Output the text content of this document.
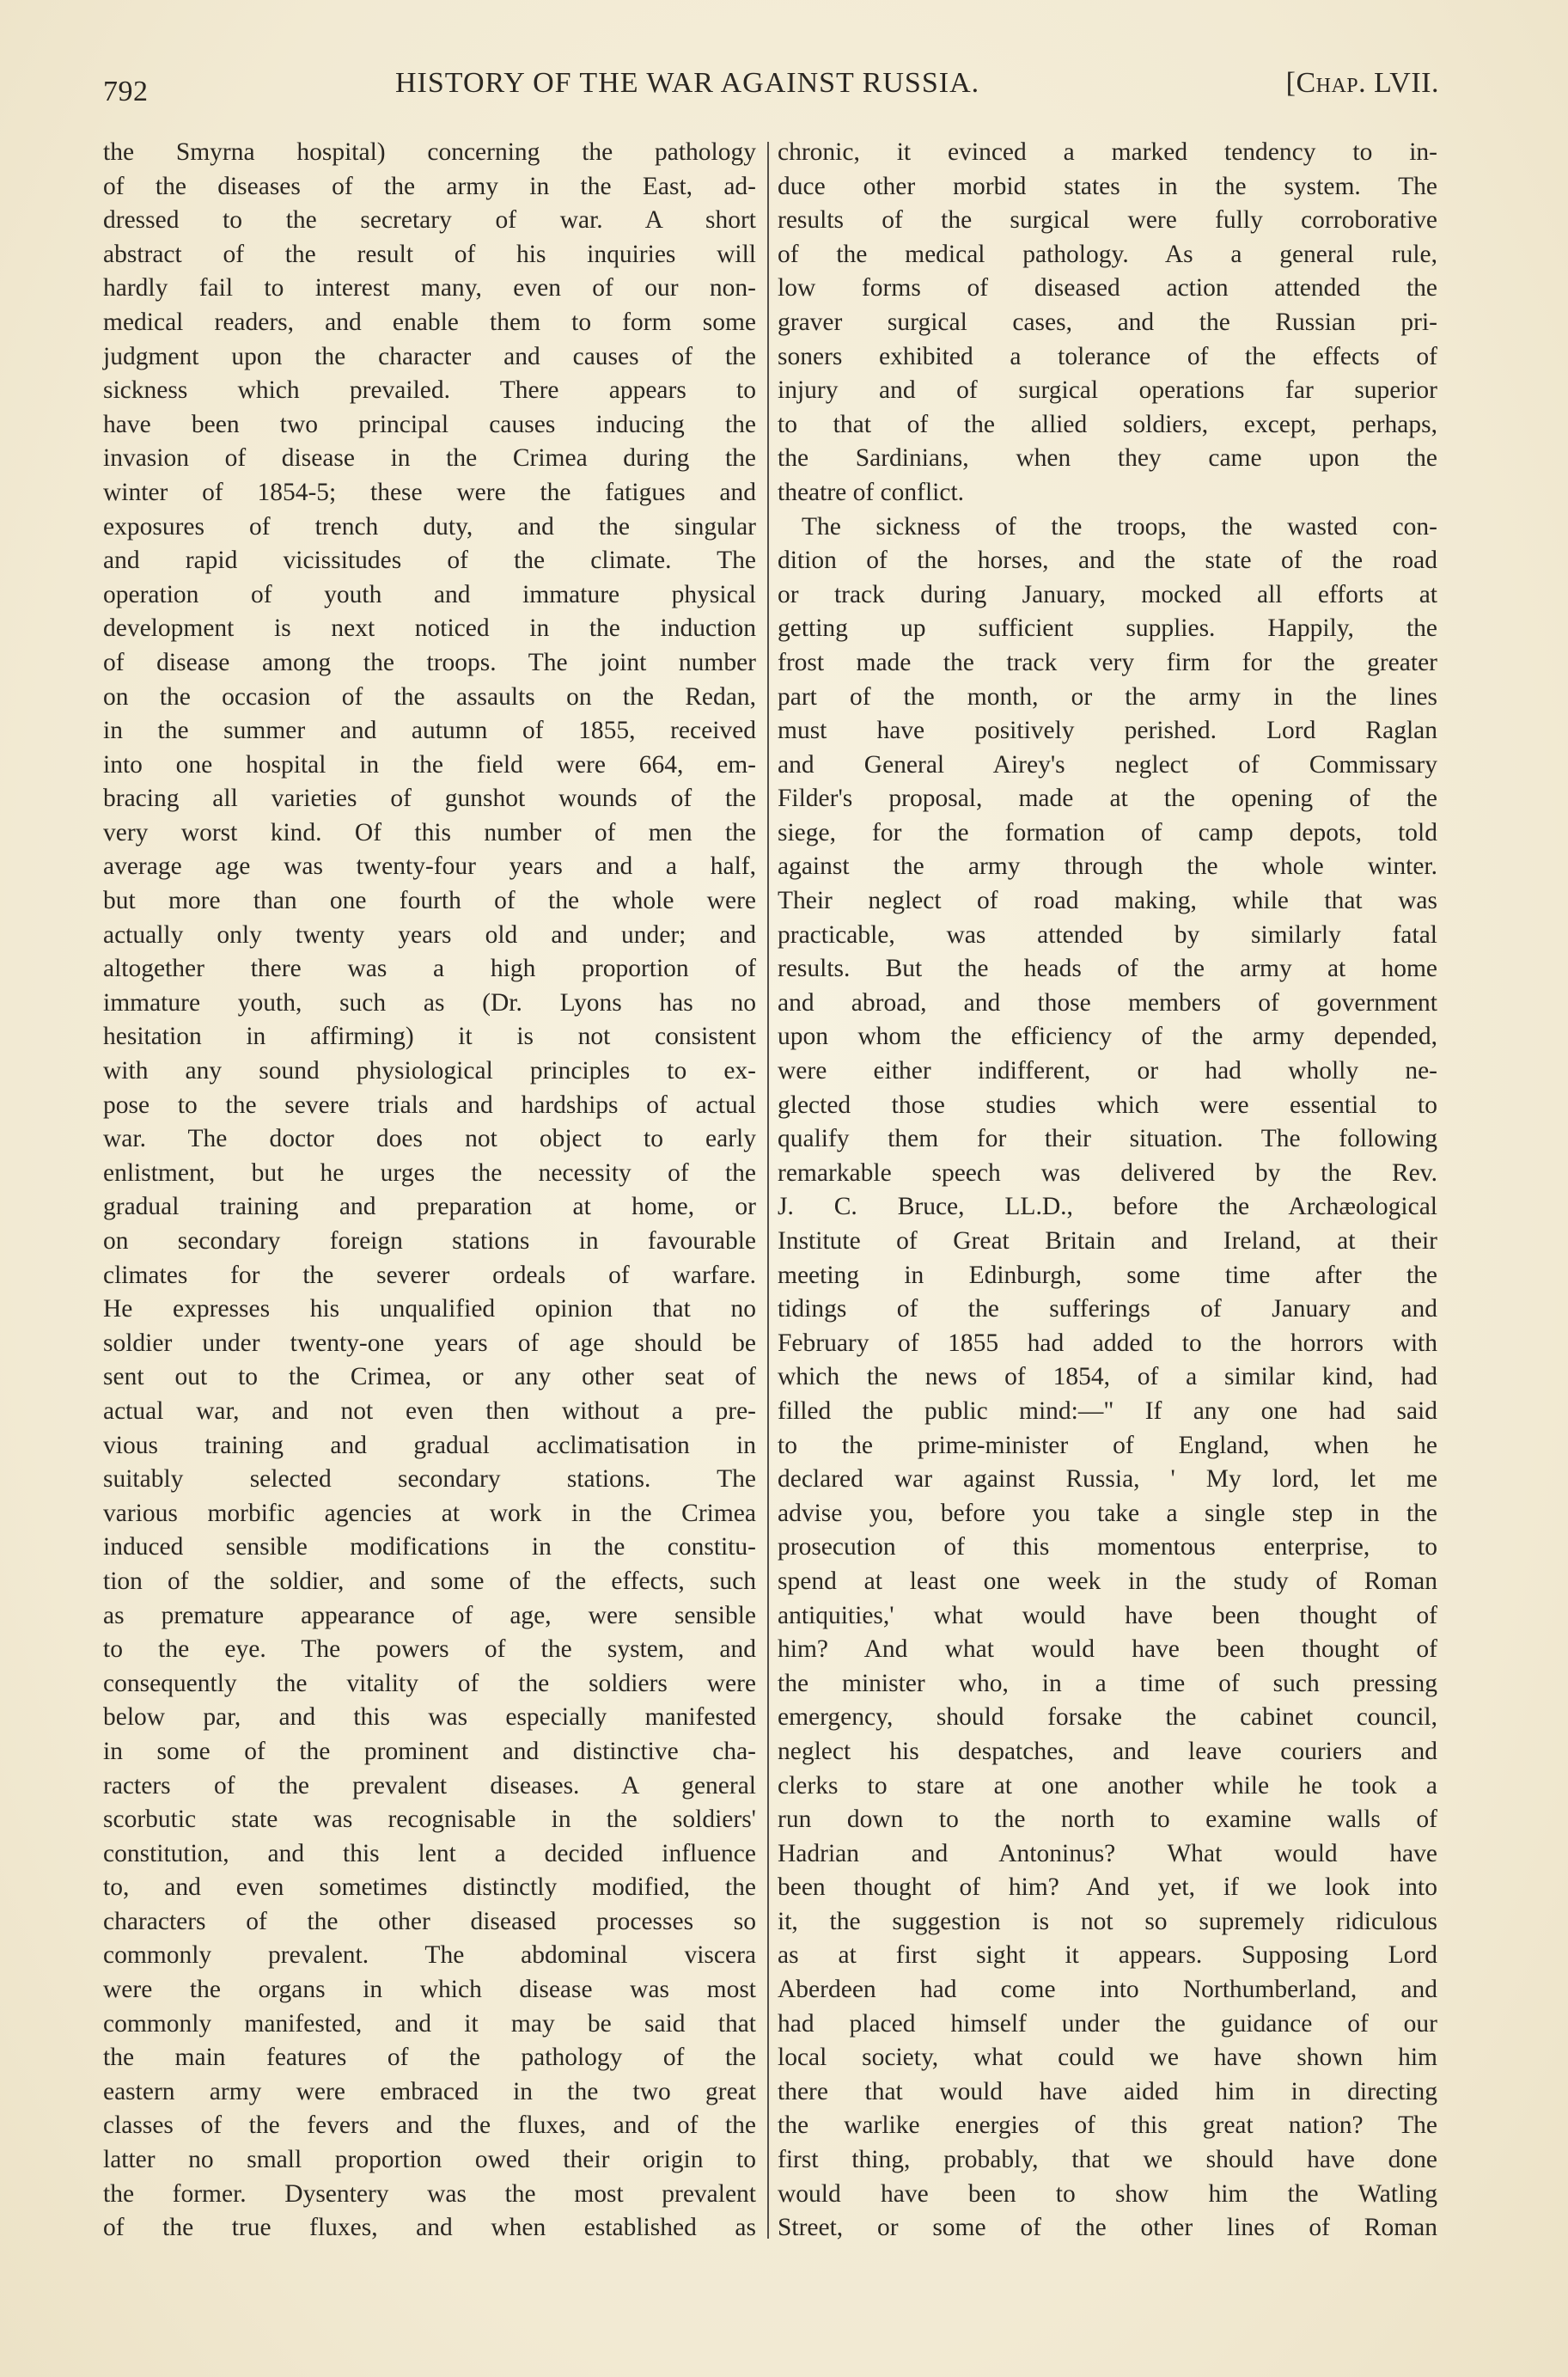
792	HISTORY OF THE WAR AGAINST RUSSIA.	[Chap. LVII.
the Smyrna hospital) concerning the pathology
of the diseases of the army in the East, ad-
dressed to the secretary of war. A short
abstract of the result of his inquiries will
hardly fail to interest many, even of our non-
medical readers, and enable them to form some
judgment upon the character and causes of the
sickness which prevailed. There appears to
have been two principal causes inducing the
invasion of disease in the Crimea during the
winter of 1854-5; these were the fatigues and
exposures of trench duty, and the singular
and rapid vicissitudes of the climate. The
operation of youth and immature physical
development is next noticed in the induction
of disease among the troops. The joint number
on the occasion of the assaults on the Redan,
in the summer and autumn of 1855, received
into one hospital in the field were 664, em-
bracing all varieties of gunshot wounds of the
very worst kind. Of this number of men the
average age was twenty-four years and a half,
but more than one fourth of the whole were
actually only twenty years old and under; and
altogether there was a high proportion of
immature youth, such as (Dr. Lyons has no
hesitation in affirming) it is not consistent
with any sound physiological principles to ex-
pose to the severe trials and hardships of actual
war. The doctor does not object to early
enlistment, but he urges the necessity of the
gradual training and preparation at home, or
on secondary foreign stations in favourable
climates for the severer ordeals of warfare.
He expresses his unqualified opinion that no
soldier under twenty-one years of age should be
sent out to the Crimea, or any other seat of
actual war, and not even then without a pre-
vious training and gradual acclimatisation in
suitably selected secondary stations. The
various morbific agencies at work in the Crimea
induced sensible modifications in the constitu-
tion of the soldier, and some of the effects, such
as premature appearance of age, were sensible
to the eye. The powers of the system, and
consequently the vitality of the soldiers were
below par, and this was especially manifested
in some of the prominent and distinctive cha-
racters of the prevalent diseases. A general
scorbutic state was recognisable in the soldiers'
constitution, and this lent a decided influence
to, and even sometimes distinctly modified, the
characters of the other diseased processes so
commonly prevalent. The abdominal viscera
were the organs in which disease was most
commonly manifested, and it may be said that
the main features of the pathology of the
eastern army were embraced in the two great
classes of the fevers and the fluxes, and of the
latter no small proportion owed their origin to
the former. Dysentery was the most prevalent
of the true fluxes, and when established as
chronic, it evinced a marked tendency to in-
duce other morbid states in the system. The
results of the surgical were fully corroborative
of the medical pathology. As a general rule,
low forms of diseased action attended the
graver surgical cases, and the Russian pri-
soners exhibited a tolerance of the effects of
injury and of surgical operations far superior
to that of the allied soldiers, except, perhaps,
the Sardinians, when they came upon the
theatre of conflict.
The sickness of the troops, the wasted con-
dition of the horses, and the state of the road
or track during January, mocked all efforts at
getting up sufficient supplies. Happily, the
frost made the track very firm for the greater
part of the month, or the army in the lines
must have positively perished. Lord Raglan
and General Airey's neglect of Commissary
Filder's proposal, made at the opening of the
siege, for the formation of camp depots, told
against the army through the whole winter.
Their neglect of road making, while that was
practicable, was attended by similarly fatal
results. But the heads of the army at home
and abroad, and those members of government
upon whom the efficiency of the army depended,
were either indifferent, or had wholly ne-
glected those studies which were essential to
qualify them for their situation. The following
remarkable speech was delivered by the Rev.
J. C. Bruce, LL.D., before the Archæological
Institute of Great Britain and Ireland, at their
meeting in Edinburgh, some time after the
tidings of the sufferings of January and
February of 1855 had added to the horrors with
which the news of 1854, of a similar kind, had
filled the public mind:—" If any one had said
to the prime-minister of England, when he
declared war against Russia, ' My lord, let me
advise you, before you take a single step in the
prosecution of this momentous enterprise, to
spend at least one week in the study of Roman
antiquities,' what would have been thought of
him? And what would have been thought of
the minister who, in a time of such pressing
emergency, should forsake the cabinet council,
neglect his despatches, and leave couriers and
clerks to stare at one another while he took a
run down to the north to examine walls of
Hadrian and Antoninus? What would have
been thought of him? And yet, if we look into
it, the suggestion is not so supremely ridiculous
as at first sight it appears. Supposing Lord
Aberdeen had come into Northumberland, and
had placed himself under the guidance of our
local society, what could we have shown him
there that would have aided him in directing
the warlike energies of this great nation? The
first thing, probably, that we should have done
would have been to show him the Watling
Street, or some of the other lines of Roman
